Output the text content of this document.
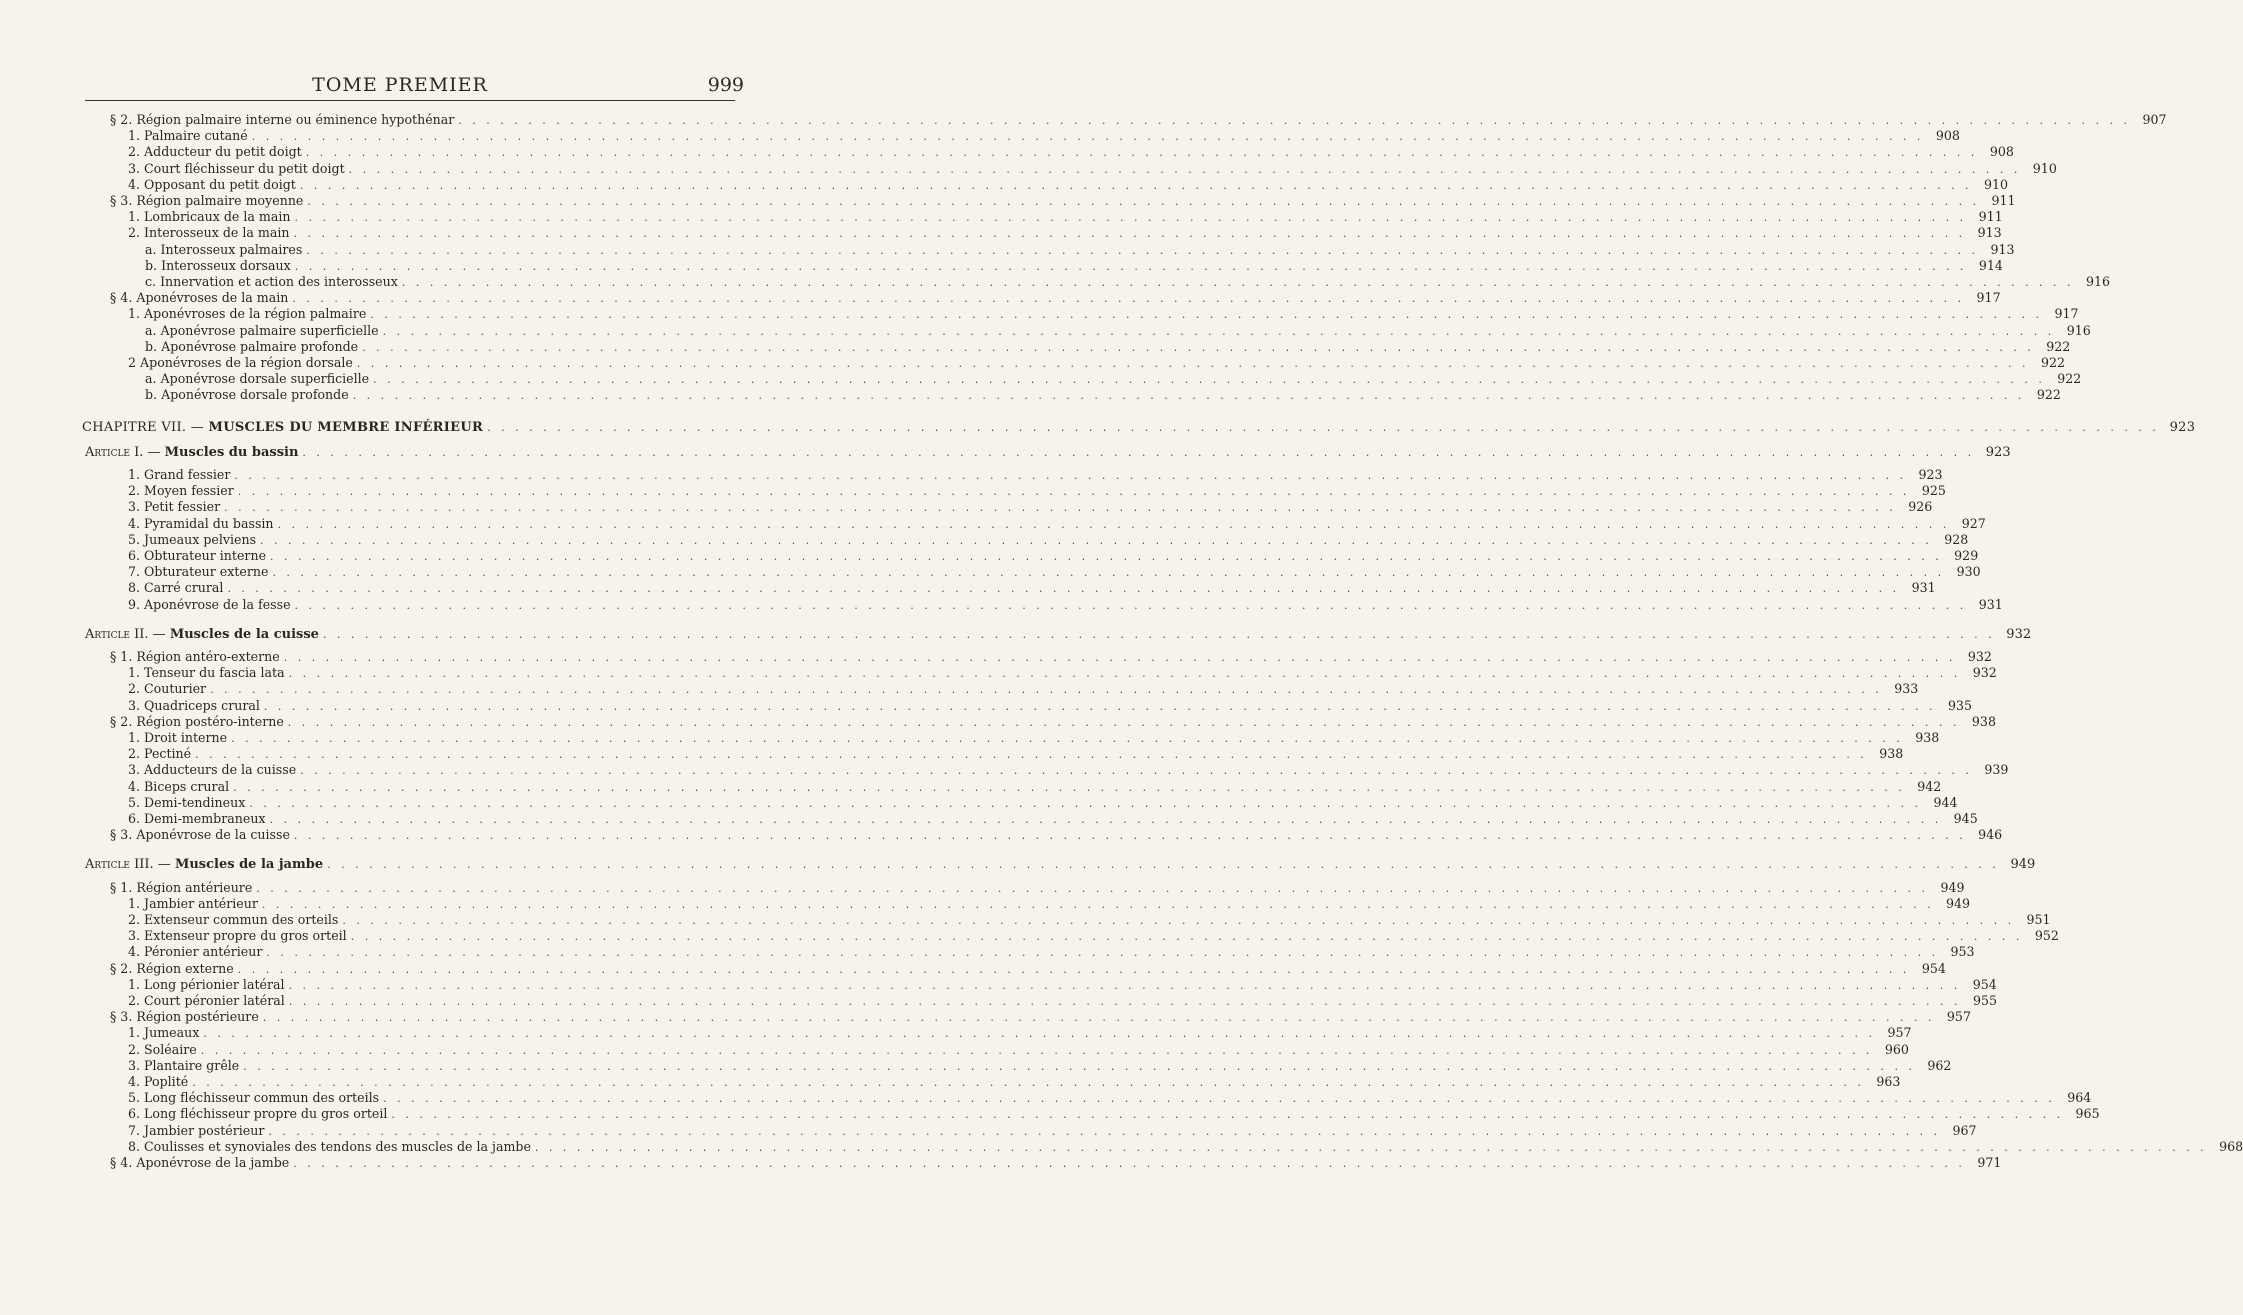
TOME PREMIER	999
§ 2. Région palmaire interne ou éminence hypothénar . . . . . . . . . . . . . . . . . . . . . . . . . . . . . . . . . . . . . . . . . . . . . . . . . . . . . . . . . . . . . . . . . . . . . . . . . . . . . . . . . . . . . . . . . . . . . . . . . . . . . . . . . . . . . . . . . . . . . . . . 907
1. Palmaire cutané . . . . . . . . . . . . . . . . . . . . . . . . . . . . . . . . . . . . . . . . . . . . . . . . . . . . . . . . . . . . . . . . . . . . . . . . . . . . . . . . . . . . . . . . . . . . . . . . . . . . . . . . . . . . . . . . . . . . . . . . 908
2. Adducteur du petit doigt . . . . . . . . . . . . . . . . . . . . . . . . . . . . . . . . . . . . . . . . . . . . . . . . . . . . . . . . . . . . . . . . . . . . . . . . . . . . . . . . . . . . . . . . . . . . . . . . . . . . . . . . . . . . . . . . . . . . . . . . 908
3. Court fléchisseur du petit doigt . . . . . . . . . . . . . . . . . . . . . . . . . . . . . . . . . . . . . . . . . . . . . . . . . . . . . . . . . . . . . . . . . . . . . . . . . . . . . . . . . . . . . . . . . . . . . . . . . . . . . . . . . . . . . . . . . . . . . . . . 910
4. Opposant du petit doigt . . . . . . . . . . . . . . . . . . . . . . . . . . . . . . . . . . . . . . . . . . . . . . . . . . . . . . . . . . . . . . . . . . . . . . . . . . . . . . . . . . . . . . . . . . . . . . . . . . . . . . . . . . . . . . . . . . . . . . . . 910
§ 3. Région palmaire moyenne . . . . . . . . . . . . . . . . . . . . . . . . . . . . . . . . . . . . . . . . . . . . . . . . . . . . . . . . . . . . . . . . . . . . . . . . . . . . . . . . . . . . . . . . . . . . . . . . . . . . . . . . . . . . . . . . . . . . . . . . 911
1. Lombricaux de la main . . . . . . . . . . . . . . . . . . . . . . . . . . . . . . . . . . . . . . . . . . . . . . . . . . . . . . . . . . . . . . . . . . . . . . . . . . . . . . . . . . . . . . . . . . . . . . . . . . . . . . . . . . . . . . . . . . . . . . . . 911
2. Interosseux de la main . . . . . . . . . . . . . . . . . . . . . . . . . . . . . . . . . . . . . . . . . . . . . . . . . . . . . . . . . . . . . . . . . . . . . . . . . . . . . . . . . . . . . . . . . . . . . . . . . . . . . . . . . . . . . . . . . . . . . . . . 913
a. Interosseux palmaires . . . . . . . . . . . . . . . . . . . . . . . . . . . . . . . . . . . . . . . . . . . . . . . . . . . . . . . . . . . . . . . . . . . . . . . . . . . . . . . . . . . . . . . . . . . . . . . . . . . . . . . . . . . . . . . . . . . . . . . . 913
b. Interosseux dorsaux . . . . . . . . . . . . . . . . . . . . . . . . . . . . . . . . . . . . . . . . . . . . . . . . . . . . . . . . . . . . . . . . . . . . . . . . . . . . . . . . . . . . . . . . . . . . . . . . . . . . . . . . . . . . . . . . . . . . . . . . 914
c. Innervation et action des interosseux . . . . . . . . . . . . . . . . . . . . . . . . . . . . . . . . . . . . . . . . . . . . . . . . . . . . . . . . . . . . . . . . . . . . . . . . . . . . . . . . . . . . . . . . . . . . . . . . . . . . . . . . . . . . . . . . . . . . . . . . 916
§ 4. Aponévroses de la main . . . . . . . . . . . . . . . . . . . . . . . . . . . . . . . . . . . . . . . . . . . . . . . . . . . . . . . . . . . . . . . . . . . . . . . . . . . . . . . . . . . . . . . . . . . . . . . . . . . . . . . . . . . . . . . . . . . . . . . . 917
1. Aponévroses de la région palmaire . . . . . . . . . . . . . . . . . . . . . . . . . . . . . . . . . . . . . . . . . . . . . . . . . . . . . . . . . . . . . . . . . . . . . . . . . . . . . . . . . . . . . . . . . . . . . . . . . . . . . . . . . . . . . . . . . . . . . . . . 917
a. Aponévrose palmaire superficielle . . . . . . . . . . . . . . . . . . . . . . . . . . . . . . . . . . . . . . . . . . . . . . . . . . . . . . . . . . . . . . . . . . . . . . . . . . . . . . . . . . . . . . . . . . . . . . . . . . . . . . . . . . . . . . . . . . . . . . . . 916
b. Aponévrose palmaire profonde . . . . . . . . . . . . . . . . . . . . . . . . . . . . . . . . . . . . . . . . . . . . . . . . . . . . . . . . . . . . . . . . . . . . . . . . . . . . . . . . . . . . . . . . . . . . . . . . . . . . . . . . . . . . . . . . . . . . . . . . 922
2 Aponévroses de la région dorsale . . . . . . . . . . . . . . . . . . . . . . . . . . . . . . . . . . . . . . . . . . . . . . . . . . . . . . . . . . . . . . . . . . . . . . . . . . . . . . . . . . . . . . . . . . . . . . . . . . . . . . . . . . . . . . . . . . . . . . . . 922
a. Aponévrose dorsale superficielle . . . . . . . . . . . . . . . . . . . . . . . . . . . . . . . . . . . . . . . . . . . . . . . . . . . . . . . . . . . . . . . . . . . . . . . . . . . . . . . . . . . . . . . . . . . . . . . . . . . . . . . . . . . . . . . . . . . . . . . . 922
b. Aponévrose dorsale profonde . . . . . . . . . . . . . . . . . . . . . . . . . . . . . . . . . . . . . . . . . . . . . . . . . . . . . . . . . . . . . . . . . . . . . . . . . . . . . . . . . . . . . . . . . . . . . . . . . . . . . . . . . . . . . . . . . . . . . . . . 922
CHAPITRE VII. — MUSCLES DU MEMBRE INFÉRIEUR . . . . . . . . . . . . . . . . . . . . . . . . . . . . . . . . . . . . . . . . . . . . . . . . . . . . . . . . . . . . . . . . . . . . . . . . . . . . . . . . . . . . . . . . . . . . . . . . . . . . . . . . . . . . . . . . . . . . . . . . 923
Article I. — Muscles du bassin . . . . . . . . . . . . . . . . . . . . . . . . . . . . . . . . . . . . . . . . . . . . . . . . . . . . . . . . . . . . . . . . . . . . . . . . . . . . . . . . . . . . . . . . . . . . . . . . . . . . . . . . . . . . . . . . . . . . . . . . 923
1. Grand fessier . . . . . . . . . . . . . . . . . . . . . . . . . . . . . . . . . . . . . . . . . . . . . . . . . . . . . . . . . . . . . . . . . . . . . . . . . . . . . . . . . . . . . . . . . . . . . . . . . . . . . . . . . . . . . . . . . . . . . . . . 923
2. Moyen fessier . . . . . . . . . . . . . . . . . . . . . . . . . . . . . . . . . . . . . . . . . . . . . . . . . . . . . . . . . . . . . . . . . . . . . . . . . . . . . . . . . . . . . . . . . . . . . . . . . . . . . . . . . . . . . . . . . . . . . . . . 925
3. Petit fessier . . . . . . . . . . . . . . . . . . . . . . . . . . . . . . . . . . . . . . . . . . . . . . . . . . . . . . . . . . . . . . . . . . . . . . . . . . . . . . . . . . . . . . . . . . . . . . . . . . . . . . . . . . . . . . . . . . . . . . . . 926
4. Pyramidal du bassin . . . . . . . . . . . . . . . . . . . . . . . . . . . . . . . . . . . . . . . . . . . . . . . . . . . . . . . . . . . . . . . . . . . . . . . . . . . . . . . . . . . . . . . . . . . . . . . . . . . . . . . . . . . . . . . . . . . . . . . . 927
5. Jumeaux pelviens . . . . . . . . . . . . . . . . . . . . . . . . . . . . . . . . . . . . . . . . . . . . . . . . . . . . . . . . . . . . . . . . . . . . . . . . . . . . . . . . . . . . . . . . . . . . . . . . . . . . . . . . . . . . . . . . . . . . . . . . 928
6. Obturateur interne . . . . . . . . . . . . . . . . . . . . . . . . . . . . . . . . . . . . . . . . . . . . . . . . . . . . . . . . . . . . . . . . . . . . . . . . . . . . . . . . . . . . . . . . . . . . . . . . . . . . . . . . . . . . . . . . . . . . . . . . 929
7. Obturateur externe . . . . . . . . . . . . . . . . . . . . . . . . . . . . . . . . . . . . . . . . . . . . . . . . . . . . . . . . . . . . . . . . . . . . . . . . . . . . . . . . . . . . . . . . . . . . . . . . . . . . . . . . . . . . . . . . . . . . . . . . 930
8. Carré crural . . . . . . . . . . . . . . . . . . . . . . . . . . . . . . . . . . . . . . . . . . . . . . . . . . . . . . . . . . . . . . . . . . . . . . . . . . . . . . . . . . . . . . . . . . . . . . . . . . . . . . . . . . . . . . . . . . . . . . . . 931
9. Aponévrose de la fesse . . . . . . . . . . . . . . . . . . . . . . . . . . . . . . . . . . . . . . . . . . . . . . . . . . . . . . . . . . . . . . . . . . . . . . . . . . . . . . . . . . . . . . . . . . . . . . . . . . . . . . . . . . . . . . . . . . . . . . . . 931
Article II. — Muscles de la cuisse . . . . . . . . . . . . . . . . . . . . . . . . . . . . . . . . . . . . . . . . . . . . . . . . . . . . . . . . . . . . . . . . . . . . . . . . . . . . . . . . . . . . . . . . . . . . . . . . . . . . . . . . . . . . . . . . . . . . . . . . 932
§ 1. Région antéro-externe . . . . . . . . . . . . . . . . . . . . . . . . . . . . . . . . . . . . . . . . . . . . . . . . . . . . . . . . . . . . . . . . . . . . . . . . . . . . . . . . . . . . . . . . . . . . . . . . . . . . . . . . . . . . . . . . . . . . . . . . 932
1. Tenseur du fascia lata . . . . . . . . . . . . . . . . . . . . . . . . . . . . . . . . . . . . . . . . . . . . . . . . . . . . . . . . . . . . . . . . . . . . . . . . . . . . . . . . . . . . . . . . . . . . . . . . . . . . . . . . . . . . . . . . . . . . . . . . 932
2. Couturier . . . . . . . . . . . . . . . . . . . . . . . . . . . . . . . . . . . . . . . . . . . . . . . . . . . . . . . . . . . . . . . . . . . . . . . . . . . . . . . . . . . . . . . . . . . . . . . . . . . . . . . . . . . . . . . . . . . . . . . . 933
3. Quadriceps crural . . . . . . . . . . . . . . . . . . . . . . . . . . . . . . . . . . . . . . . . . . . . . . . . . . . . . . . . . . . . . . . . . . . . . . . . . . . . . . . . . . . . . . . . . . . . . . . . . . . . . . . . . . . . . . . . . . . . . . . . 935
§ 2. Région postéro-interne . . . . . . . . . . . . . . . . . . . . . . . . . . . . . . . . . . . . . . . . . . . . . . . . . . . . . . . . . . . . . . . . . . . . . . . . . . . . . . . . . . . . . . . . . . . . . . . . . . . . . . . . . . . . . . . . . . . . . . . . 938
1. Droit interne . . . . . . . . . . . . . . . . . . . . . . . . . . . . . . . . . . . . . . . . . . . . . . . . . . . . . . . . . . . . . . . . . . . . . . . . . . . . . . . . . . . . . . . . . . . . . . . . . . . . . . . . . . . . . . . . . . . . . . . . 938
2. Pectiné . . . . . . . . . . . . . . . . . . . . . . . . . . . . . . . . . . . . . . . . . . . . . . . . . . . . . . . . . . . . . . . . . . . . . . . . . . . . . . . . . . . . . . . . . . . . . . . . . . . . . . . . . . . . . . . . . . . . . . . . 938
3. Adducteurs de la cuisse . . . . . . . . . . . . . . . . . . . . . . . . . . . . . . . . . . . . . . . . . . . . . . . . . . . . . . . . . . . . . . . . . . . . . . . . . . . . . . . . . . . . . . . . . . . . . . . . . . . . . . . . . . . . . . . . . . . . . . . . 939
4. Biceps crural . . . . . . . . . . . . . . . . . . . . . . . . . . . . . . . . . . . . . . . . . . . . . . . . . . . . . . . . . . . . . . . . . . . . . . . . . . . . . . . . . . . . . . . . . . . . . . . . . . . . . . . . . . . . . . . . . . . . . . . . 942
5. Demi-tendineux . . . . . . . . . . . . . . . . . . . . . . . . . . . . . . . . . . . . . . . . . . . . . . . . . . . . . . . . . . . . . . . . . . . . . . . . . . . . . . . . . . . . . . . . . . . . . . . . . . . . . . . . . . . . . . . . . . . . . . . . 944
6. Demi-membraneux . . . . . . . . . . . . . . . . . . . . . . . . . . . . . . . . . . . . . . . . . . . . . . . . . . . . . . . . . . . . . . . . . . . . . . . . . . . . . . . . . . . . . . . . . . . . . . . . . . . . . . . . . . . . . . . . . . . . . . . . 945
§ 3. Aponévrose de la cuisse . . . . . . . . . . . . . . . . . . . . . . . . . . . . . . . . . . . . . . . . . . . . . . . . . . . . . . . . . . . . . . . . . . . . . . . . . . . . . . . . . . . . . . . . . . . . . . . . . . . . . . . . . . . . . . . . . . . . . . . . 946
Article III. — Muscles de la jambe . . . . . . . . . . . . . . . . . . . . . . . . . . . . . . . . . . . . . . . . . . . . . . . . . . . . . . . . . . . . . . . . . . . . . . . . . . . . . . . . . . . . . . . . . . . . . . . . . . . . . . . . . . . . . . . . . . . . . . . . 949
§ 1. Région antérieure . . . . . . . . . . . . . . . . . . . . . . . . . . . . . . . . . . . . . . . . . . . . . . . . . . . . . . . . . . . . . . . . . . . . . . . . . . . . . . . . . . . . . . . . . . . . . . . . . . . . . . . . . . . . . . . . . . . . . . . . 949
1. Jambier antérieur . . . . . . . . . . . . . . . . . . . . . . . . . . . . . . . . . . . . . . . . . . . . . . . . . . . . . . . . . . . . . . . . . . . . . . . . . . . . . . . . . . . . . . . . . . . . . . . . . . . . . . . . . . . . . . . . . . . . . . . . 949
2. Extenseur commun des orteils . . . . . . . . . . . . . . . . . . . . . . . . . . . . . . . . . . . . . . . . . . . . . . . . . . . . . . . . . . . . . . . . . . . . . . . . . . . . . . . . . . . . . . . . . . . . . . . . . . . . . . . . . . . . . . . . . . . . . . . . 951
3. Extenseur propre du gros orteil . . . . . . . . . . . . . . . . . . . . . . . . . . . . . . . . . . . . . . . . . . . . . . . . . . . . . . . . . . . . . . . . . . . . . . . . . . . . . . . . . . . . . . . . . . . . . . . . . . . . . . . . . . . . . . . . . . . . . . . . 952
4. Péronier antérieur . . . . . . . . . . . . . . . . . . . . . . . . . . . . . . . . . . . . . . . . . . . . . . . . . . . . . . . . . . . . . . . . . . . . . . . . . . . . . . . . . . . . . . . . . . . . . . . . . . . . . . . . . . . . . . . . . . . . . . . . 953
§ 2. Région externe . . . . . . . . . . . . . . . . . . . . . . . . . . . . . . . . . . . . . . . . . . . . . . . . . . . . . . . . . . . . . . . . . . . . . . . . . . . . . . . . . . . . . . . . . . . . . . . . . . . . . . . . . . . . . . . . . . . . . . . . 954
1. Long périonier latéral . . . . . . . . . . . . . . . . . . . . . . . . . . . . . . . . . . . . . . . . . . . . . . . . . . . . . . . . . . . . . . . . . . . . . . . . . . . . . . . . . . . . . . . . . . . . . . . . . . . . . . . . . . . . . . . . . . . . . . . . 954
2. Court péronier latéral . . . . . . . . . . . . . . . . . . . . . . . . . . . . . . . . . . . . . . . . . . . . . . . . . . . . . . . . . . . . . . . . . . . . . . . . . . . . . . . . . . . . . . . . . . . . . . . . . . . . . . . . . . . . . . . . . . . . . . . . 955
§ 3. Région postérieure . . . . . . . . . . . . . . . . . . . . . . . . . . . . . . . . . . . . . . . . . . . . . . . . . . . . . . . . . . . . . . . . . . . . . . . . . . . . . . . . . . . . . . . . . . . . . . . . . . . . . . . . . . . . . . . . . . . . . . . . 957
1. Jumeaux . . . . . . . . . . . . . . . . . . . . . . . . . . . . . . . . . . . . . . . . . . . . . . . . . . . . . . . . . . . . . . . . . . . . . . . . . . . . . . . . . . . . . . . . . . . . . . . . . . . . . . . . . . . . . . . . . . . . . . . . 957
2. Soléaire . . . . . . . . . . . . . . . . . . . . . . . . . . . . . . . . . . . . . . . . . . . . . . . . . . . . . . . . . . . . . . . . . . . . . . . . . . . . . . . . . . . . . . . . . . . . . . . . . . . . . . . . . . . . . . . . . . . . . . . . 960
3. Plantaire grêle . . . . . . . . . . . . . . . . . . . . . . . . . . . . . . . . . . . . . . . . . . . . . . . . . . . . . . . . . . . . . . . . . . . . . . . . . . . . . . . . . . . . . . . . . . . . . . . . . . . . . . . . . . . . . . . . . . . . . . . . 962
4. Poplité . . . . . . . . . . . . . . . . . . . . . . . . . . . . . . . . . . . . . . . . . . . . . . . . . . . . . . . . . . . . . . . . . . . . . . . . . . . . . . . . . . . . . . . . . . . . . . . . . . . . . . . . . . . . . . . . . . . . . . . . 963
5. Long fléchisseur commun des orteils . . . . . . . . . . . . . . . . . . . . . . . . . . . . . . . . . . . . . . . . . . . . . . . . . . . . . . . . . . . . . . . . . . . . . . . . . . . . . . . . . . . . . . . . . . . . . . . . . . . . . . . . . . . . . . . . . . . . . . . . 964
6. Long fléchisseur propre du gros orteil . . . . . . . . . . . . . . . . . . . . . . . . . . . . . . . . . . . . . . . . . . . . . . . . . . . . . . . . . . . . . . . . . . . . . . . . . . . . . . . . . . . . . . . . . . . . . . . . . . . . . . . . . . . . . . . . . . . . . . . . 965
7. Jambier postérieur . . . . . . . . . . . . . . . . . . . . . . . . . . . . . . . . . . . . . . . . . . . . . . . . . . . . . . . . . . . . . . . . . . . . . . . . . . . . . . . . . . . . . . . . . . . . . . . . . . . . . . . . . . . . . . . . . . . . . . . . 967
8. Coulisses et synoviales des tendons des muscles de la jambe . . . . . . . . . . . . . . . . . . . . . . . . . . . . . . . . . . . . . . . . . . . . . . . . . . . . . . . . . . . . . . . . . . . . . . . . . . . . . . . . . . . . . . . . . . . . . . . . . . . . . . . . . . . . . . . . . . . . . . . . 968
§ 4. Aponévrose de la jambe . . . . . . . . . . . . . . . . . . . . . . . . . . . . . . . . . . . . . . . . . . . . . . . . . . . . . . . . . . . . . . . . . . . . . . . . . . . . . . . . . . . . . . . . . . . . . . . . . . . . . . . . . . . . . . . . . . . . . . . . 971
